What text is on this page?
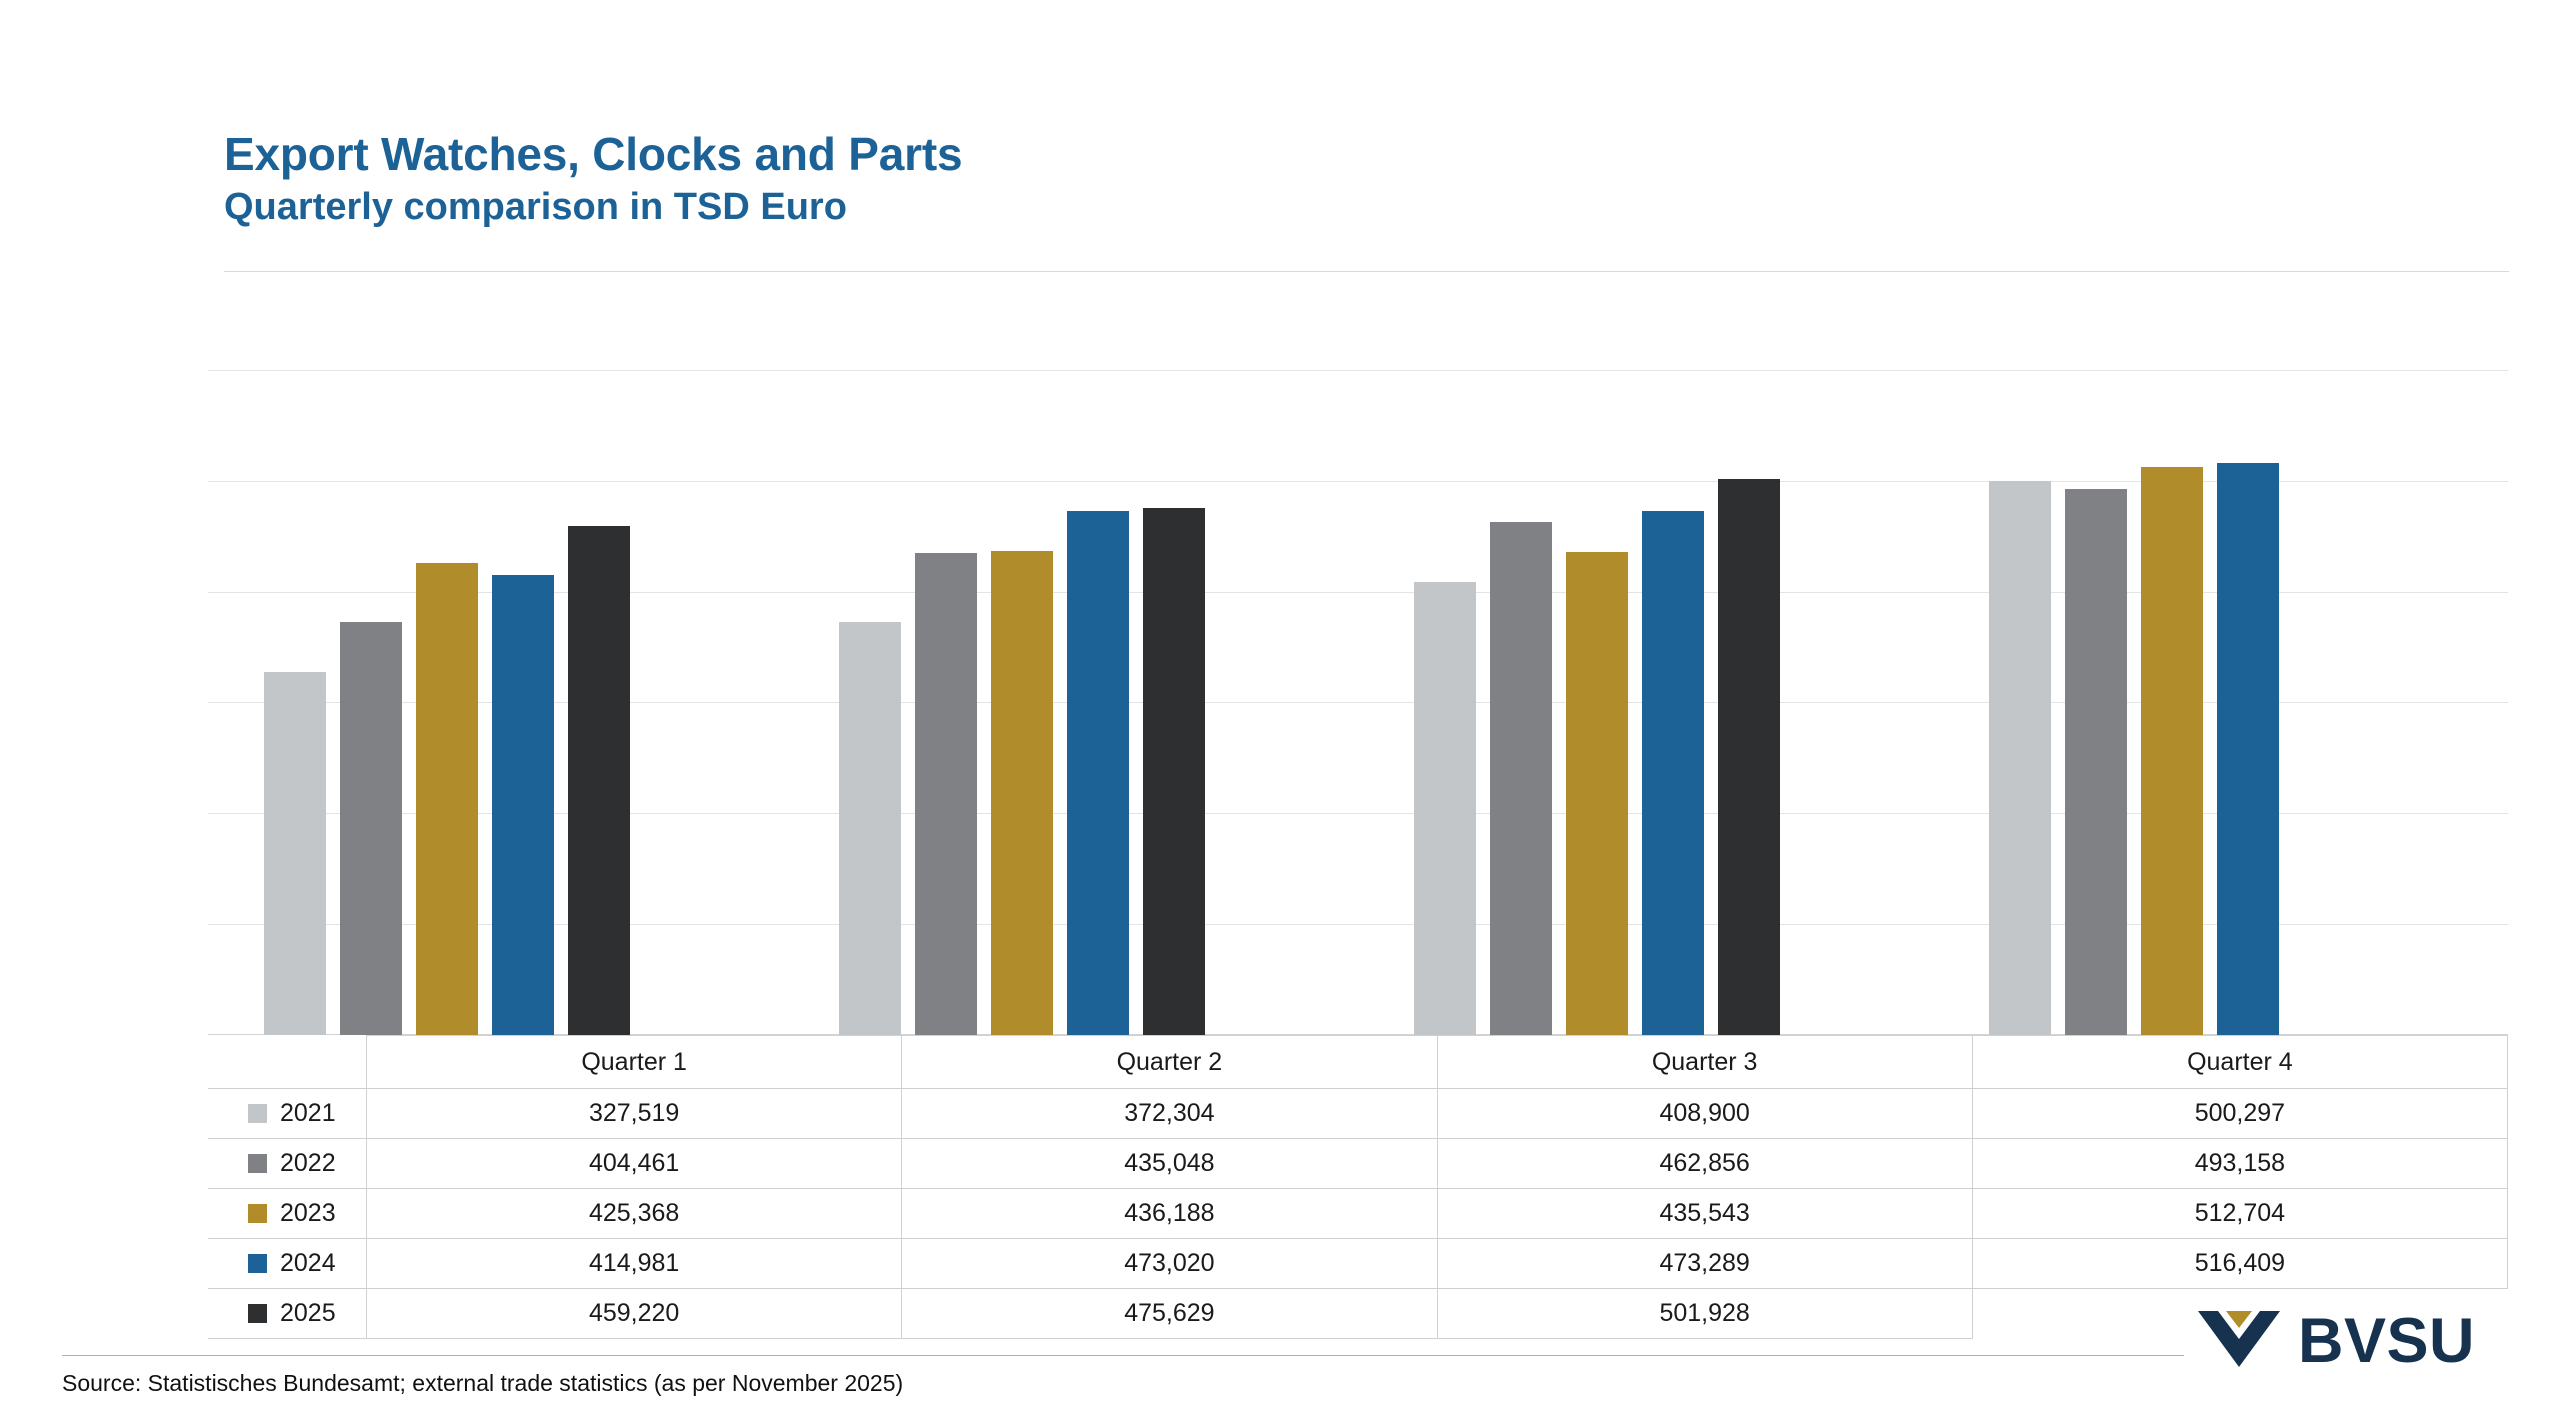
Export Watches, Clocks and Parts
Quarterly comparison in TSD Euro
	Quarter 1	Quarter 2	Quarter 3	Quarter 4
2021	327,519	372,304	408,900	500,297
2022	404,461	435,048	462,856	493,158
2023	425,368	436,188	435,543	512,704
2024	414,981	473,020	473,289	516,409
2025	459,220	475,629	501,928	
Source: Statistisches Bundesamt; external trade statistics (as per November 2025)
BVSU
